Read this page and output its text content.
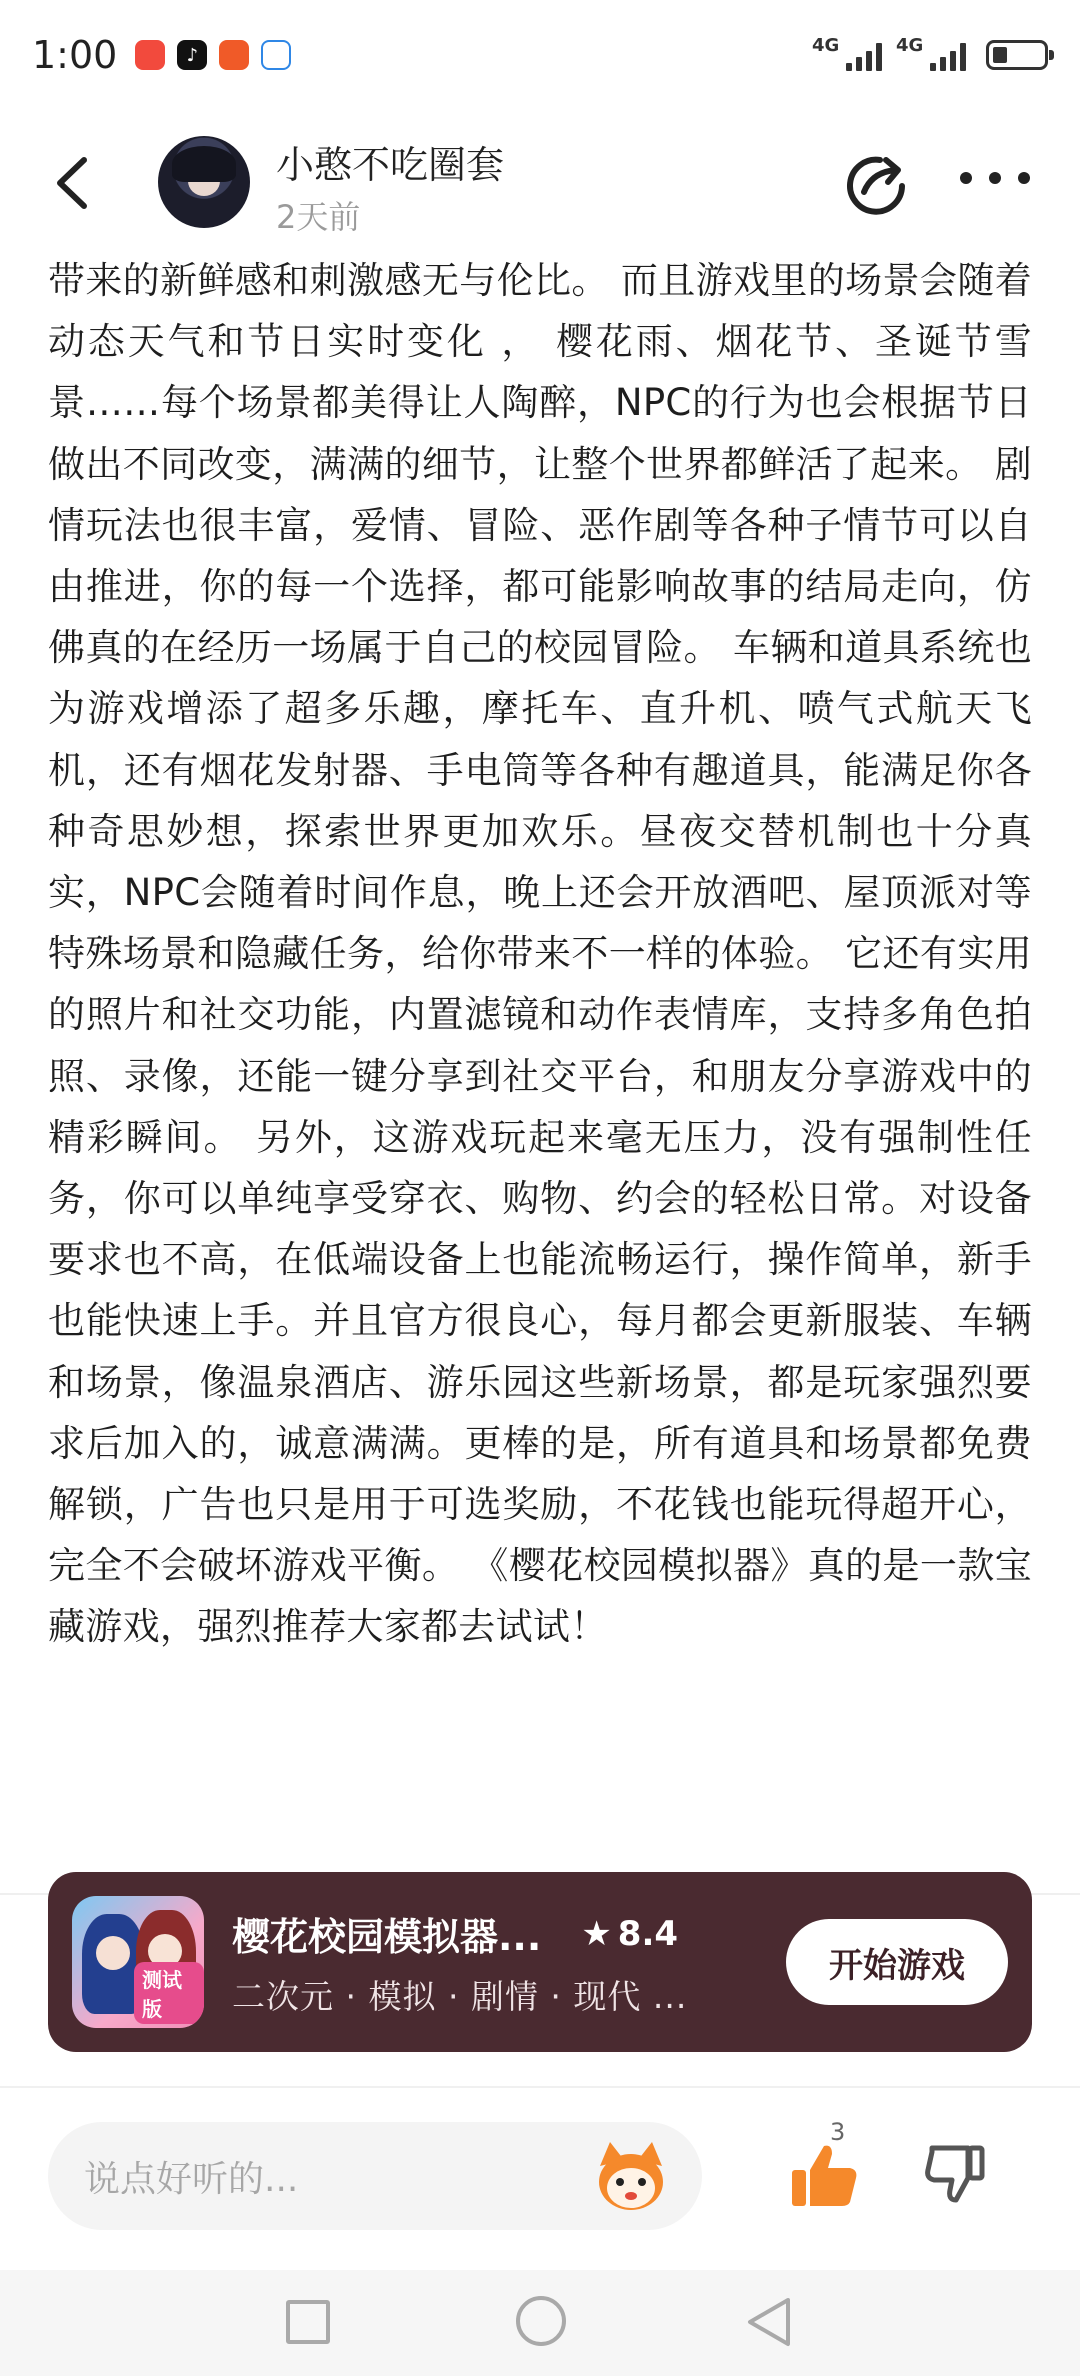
1:00	♪	4G	4G
小憨不吃圈套
2天前
带来的新鲜感和刺激感无与伦比。 而且游戏里的场景会随着动态天气和节日实时变化 ， 樱花雨、烟花节、圣诞节雪景……每个场景都美得让人陶醉，NPC的行为也会根据节日做出不同改变，满满的细节，让整个世界都鲜活了起来。 剧情玩法也很丰富，爱情、冒险、恶作剧等各种子情节可以自由推进，你的每一个选择，都可能影响故事的结局走向，仿佛真的在经历一场属于自己的校园冒险。 车辆和道具系统也为游戏增添了超多乐趣，摩托车、直升机、喷气式航天飞机，还有烟花发射器、手电筒等各种有趣道具，能满足你各种奇思妙想，探索世界更加欢乐。昼夜交替机制也十分真实，NPC会随着时间作息，晚上还会开放酒吧、屋顶派对等特殊场景和隐藏任务，给你带来不一样的体验。 它还有实用的照片和社交功能，内置滤镜和动作表情库，支持多角色拍照、录像，还能一键分享到社交平台，和朋友分享游戏中的精彩瞬间。 另外，这游戏玩起来毫无压力，没有强制性任务，你可以单纯享受穿衣、购物、约会的轻松日常。对设备要求也不高，在低端设备上也能流畅运行，操作简单，新手也能快速上手。并且官方很良心，每月都会更新服装、车辆和场景，像温泉酒店、游乐园这些新场景，都是玩家强烈要求后加入的，诚意满满。更棒的是，所有道具和场景都免费解锁，广告也只是用于可选奖励，不花钱也能玩得超开心，完全不会破坏游戏平衡。 《樱花校园模拟器》真的是一款宝藏游戏，强烈推荐大家都去试试！
测试版
樱花校园模拟器... ★ 8.4
二次元 · 模拟 · 剧情 · 现代 ...
开始游戏
说点好听的...
3
